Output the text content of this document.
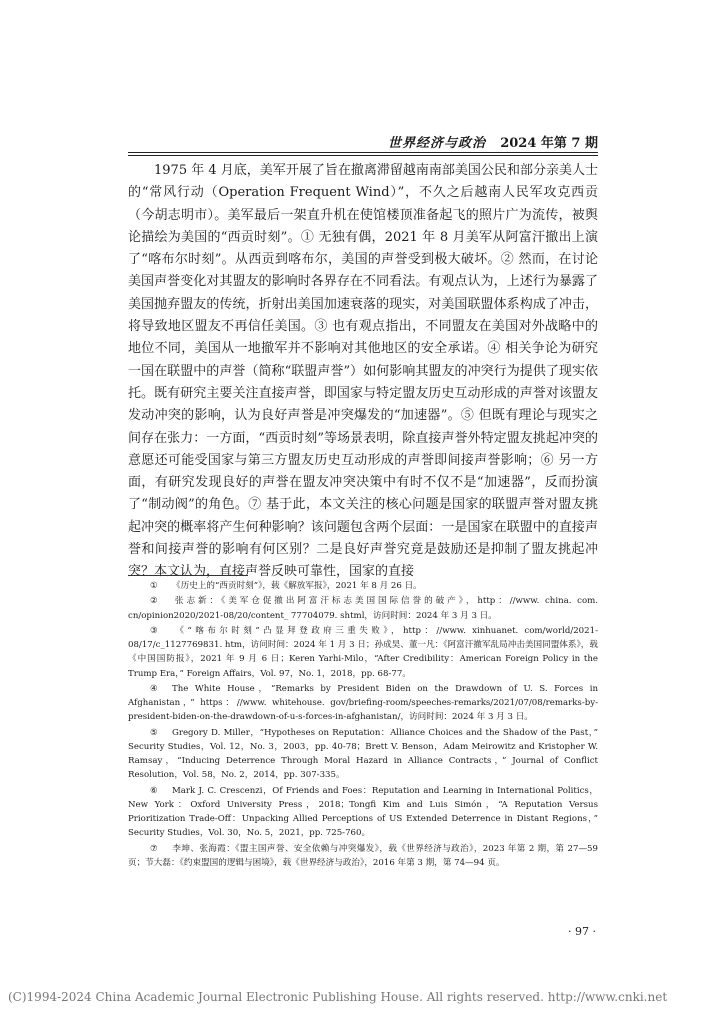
世界经济与政治 2024 年第 7 期

1975 年 4 月底，美军开展了旨在撤离滞留越南南部美国公民和部分亲美人士的“常风行动（Operation Frequent Wind）”，不久之后越南人民军攻克西贡（今胡志明市）。美军最后一架直升机在使馆楼顶准备起飞的照片广为流传，被舆论描绘为美国的“西贡时刻”。① 无独有偶，2021 年 8 月美军从阿富汗撤出上演了“喀布尔时刻”。从西贡到喀布尔，美国的声誉受到极大破坏。② 然而，在讨论美国声誉变化对其盟友的影响时各界存在不同看法。有观点认为，上述行为暴露了美国抛弃盟友的传统，折射出美国加速衰落的现实，对美国联盟体系构成了冲击，将导致地区盟友不再信任美国。③ 也有观点指出，不同盟友在美国对外战略中的地位不同，美国从一地撤军并不影响对其他地区的安全承诺。④ 相关争论为研究一国在联盟中的声誉（简称“联盟声誉”）如何影响其盟友的冲突行为提供了现实依托。既有研究主要关注直接声誉，即国家与特定盟友历史互动形成的声誉对该盟友发动冲突的影响，认为良好声誉是冲突爆发的“加速器”。⑤ 但既有理论与现实之间存在张力：一方面，“西贡时刻”等场景表明，除直接声誉外特定盟友挑起冲突的意愿还可能受国家与第三方盟友历史互动形成的声誉即间接声誉影响；⑥ 另一方面，有研究发现良好的声誉在盟友冲突决策中有时不仅不是“加速器”，反而扮演了“制动阀”的角色。⑦ 基于此，本文关注的核心问题是国家的联盟声誉对盟友挑起冲突的概率将产生何种影响？该问题包含两个层面：一是国家在联盟中的直接声誉和间接声誉的影响有何区别？二是良好声誉究竟是鼓励还是抑制了盟友挑起冲突？本文认为，直接声誉反映可靠性，国家的直接

① 《历史上的“西贡时刻”》，载《解放军报》，2021 年 8 月 26 日。

② 张志新：《美军仓促撤出阿富汗标志美国国际信誉的破产》，http：//www. china. com. cn/opinion2020/2021-08/20/content_ 77704079. shtml，访问时间：2024 年 3 月 3 日。

③ 《“喀布尔时刻”凸显拜登政府三重失败》，http：//www. xinhuanet. com/world/2021-08/17/c_1127769831. htm，访问时间：2024 年 1 月 3 日；孙成昊、董一凡：《阿富汗撤军乱局冲击美国同盟体系》，载《中国国防报》，2021 年 9 月 6 日；Keren Yarhi-Milo，“After Credibility：American Foreign Policy in the Trump Era，” Foreign Affairs，Vol. 97，No. 1，2018，pp. 68-77。

④ The White House，“Remarks by President Biden on the Drawdown of U. S. Forces in Afghanistan，” https：//www. whitehouse. gov/briefing-room/speeches-remarks/2021/07/08/remarks-by-president-biden-on-the-drawdown-of-u-s-forces-in-afghanistan/，访问时间：2024 年 3 月 3 日。

⑤ Gregory D. Miller，“Hypotheses on Reputation：Alliance Choices and the Shadow of the Past，” Security Studies，Vol. 12，No. 3，2003，pp. 40-78；Brett V. Benson，Adam Meirowitz and Kristopher W. Ramsay，“Inducing Deterrence Through Moral Hazard in Alliance Contracts，” Journal of Conflict Resolution，Vol. 58，No. 2，2014，pp. 307-335。

⑥ Mark J. C. Crescenzi，Of Friends and Foes：Reputation and Learning in International Politics，New York：Oxford University Press，2018；Tongfi Kim and Luis Simón，“A Reputation Versus Prioritization Trade-Off：Unpacking Allied Perceptions of US Extended Deterrence in Distant Regions，” Security Studies，Vol. 30，No. 5，2021，pp. 725-760。

⑦ 李坤、张海霞：《盟主国声誉、安全依赖与冲突爆发》，载《世界经济与政治》，2023 年第 2 期，第 27—59 页；节大磊：《约束盟国的逻辑与困境》，载《世界经济与政治》，2016 年第 3 期，第 74—94 页。

· 97 ·
(C)1994-2024 China Academic Journal Electronic Publishing House. All rights reserved. http://www.cnki.net
